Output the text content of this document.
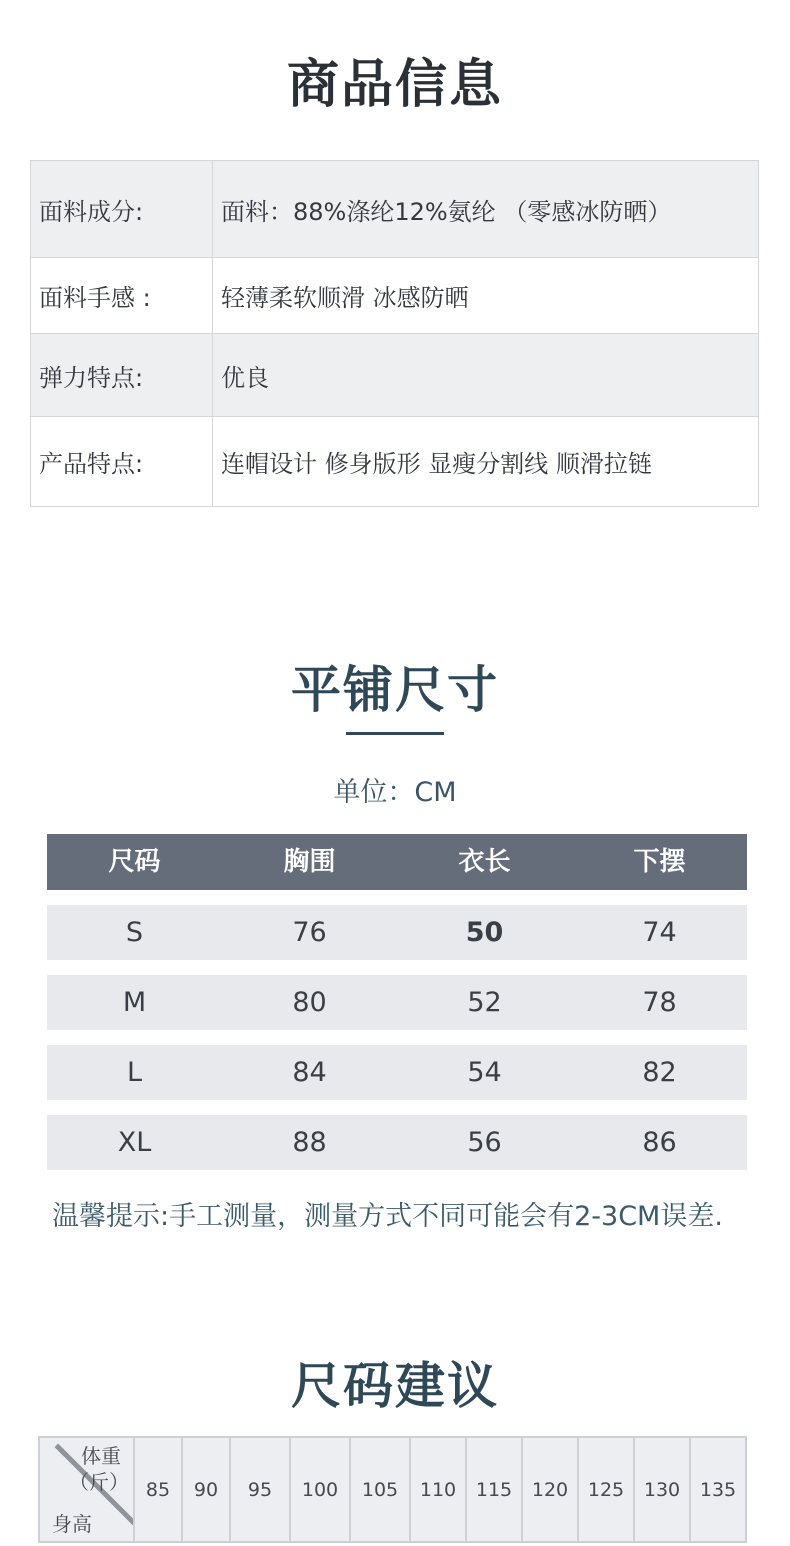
商品信息
面料成分:	面料：88%涤纶12%氨纶 （零感冰防晒）
面料手感 :	轻薄柔软顺滑 冰感防晒
弹力特点:	优良
产品特点:	连帽设计 修身版形 显瘦分割线 顺滑拉链
平铺尺寸
单位：CM
尺码	胸围	衣长	下摆
S	76	50	74
M	80	52	78
L	84	54	82
XL	88	56	86
温馨提示:手工测量，测量方式不同可能会有2-3CM误差.
尺码建议
体重
（斤）
身高
	85	90	95	100	105	110	115	120	125	130	135
